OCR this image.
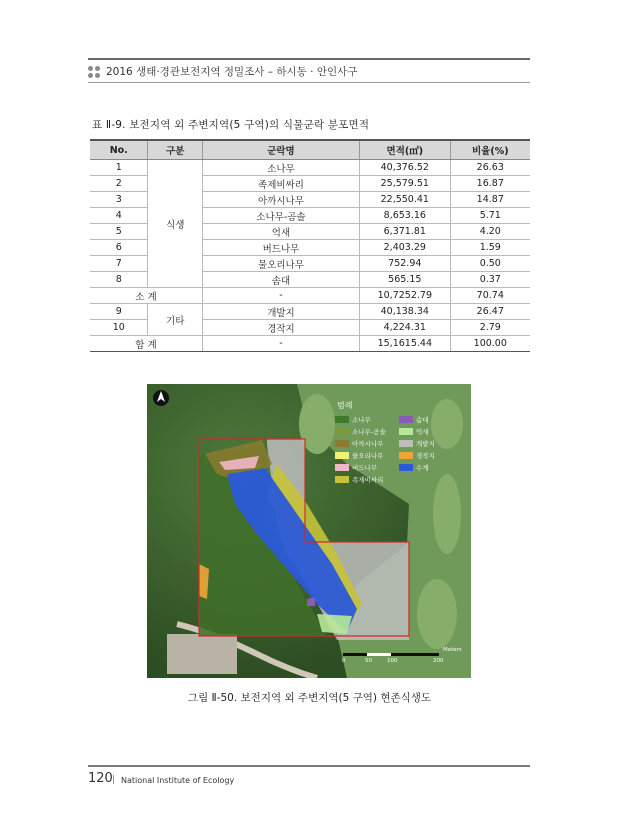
2016 생태·경관보전지역 정밀조사 – 하시동 · 안인사구
표 Ⅱ-9. 보전지역 외 주변지역(5 구역)의 식물군락 분포면적
No.	구분	군락명	면적(㎡)	비율(%)
1	식생	소나무	40,376.52	26.63
2		족제비싸리	25,579.51	16.87
3		아까시나무	22,550.41	14.87
4		소나무-곰솔	8,653.16	5.71
5		억새	6,371.81	4.20
6		버드나무	2,403.29	1.59
7		물오리나무	752.94	0.50
8		솜대	565.15	0.37
소 계		-	10,7252.79	70.74
9	기타	개발지	40,138.34	26.47
10		경작지	4,224.31	2.79
합 계		-	15,1615.44	100.00
범례
소나무	솜대
소나무-곰솔	억새
아까시나무	개발지
물오리나무	경작지
버드나무	수계
족제비싸리
Meters
0	50	100	200
그림 Ⅱ-50. 보전지역 외 주변지역(5 구역) 현존식생도
120 | National Institute of Ecology
